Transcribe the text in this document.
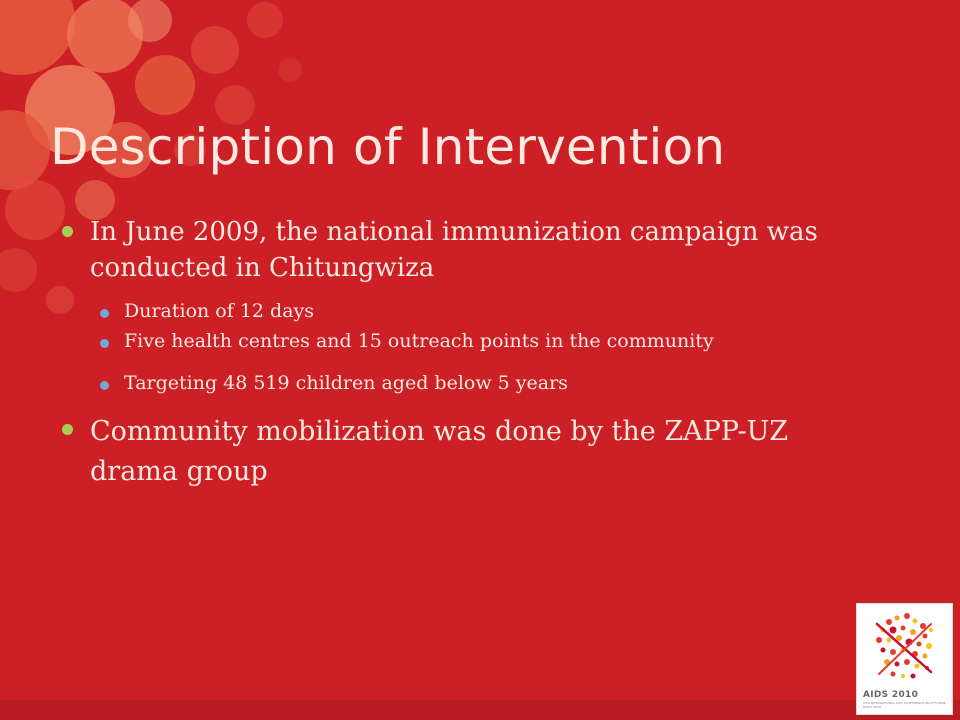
Description of Intervention
In June 2009, the national immunization campaign was conducted in Chitungwiza
Duration of 12 days
Five health centres and 15 outreach points in the community
Targeting 48 519 children aged below 5 years
Community mobilization was done by the ZAPP-UZ drama group
AIDS 2010
XVIII INTERNATIONAL AIDS CONFERENCE RIGHTS HERE RIGHT NOW
